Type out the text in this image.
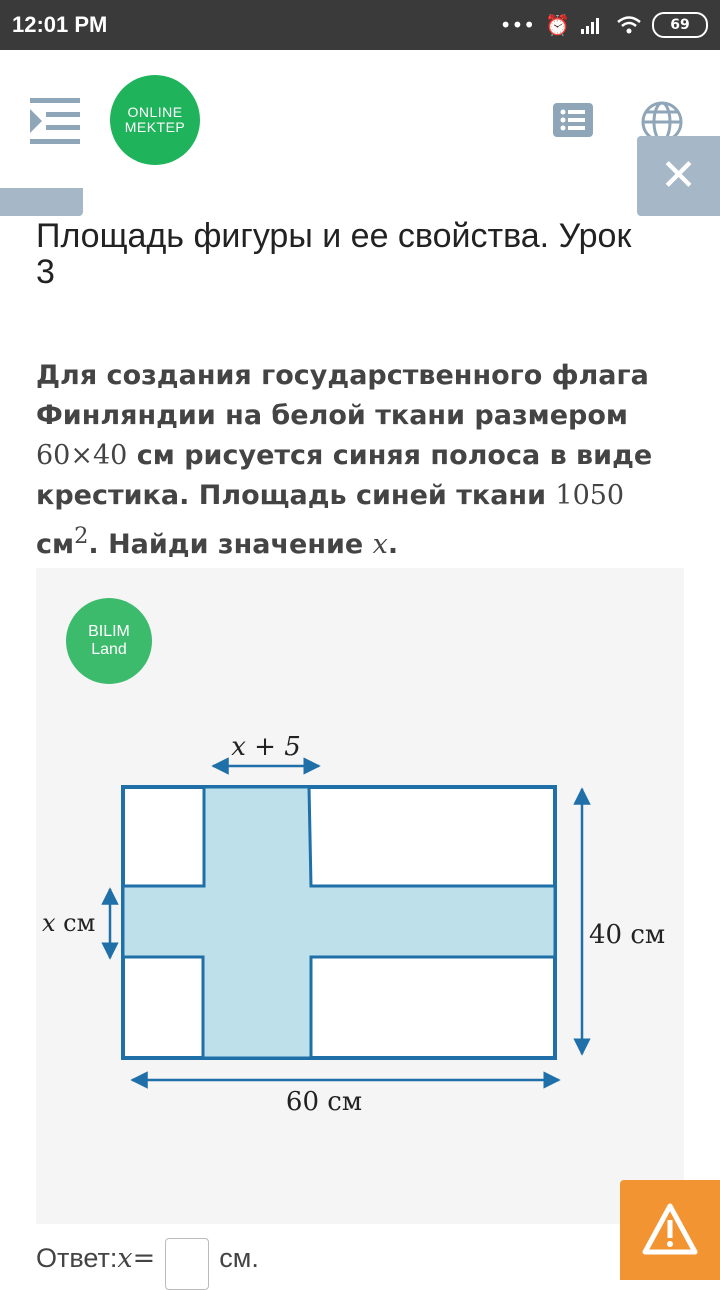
12:01 PM	••• ⏰	69
ONLINE
MEKTEP
✕
Площадь фигуры и ее свойства. Урок 3

Для создания государственного флага Финляндии на белой ткани размером 60×40 см рисуется синяя полоса в виде крестика. Площадь синей ткани 1050 $см^2$. Найди значение x.

BILIM
Land
x + 5
x см	40 см
60 см
Ответ: x = см.
